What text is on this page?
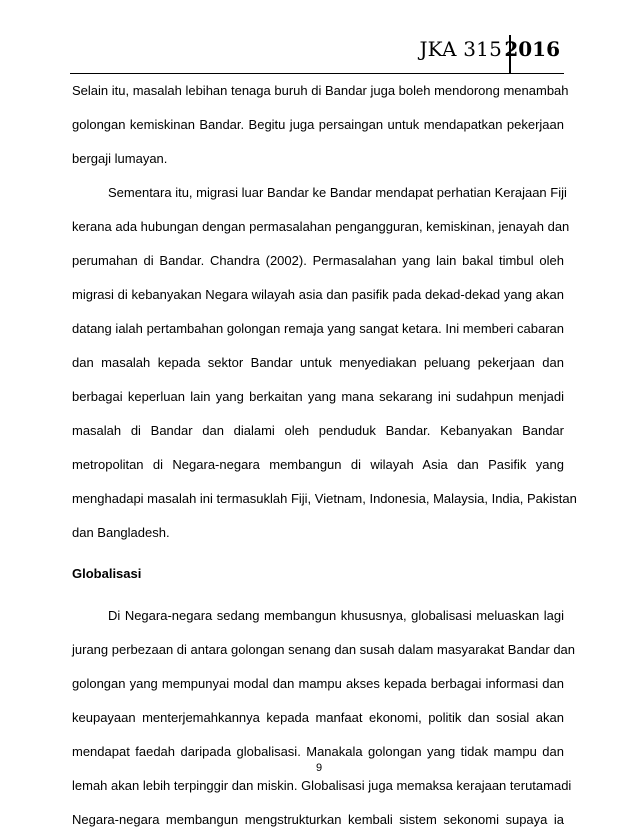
JKA 315 2016
Selain itu, masalah lebihan tenaga buruh di Bandar juga boleh mendorong menambah
golongan kemiskinan Bandar. Begitu juga persaingan untuk mendapatkan pekerjaan
bergaji lumayan.
Sementara itu, migrasi luar Bandar ke Bandar mendapat perhatian Kerajaan Fiji
kerana ada hubungan dengan permasalahan pengangguran, kemiskinan, jenayah dan
perumahan di Bandar. Chandra (2002). Permasalahan yang lain bakal timbul oleh
migrasi di kebanyakan Negara wilayah asia dan pasifik pada dekad-dekad yang akan
datang ialah pertambahan golongan remaja yang sangat ketara. Ini memberi cabaran
dan masalah kepada sektor Bandar untuk menyediakan peluang pekerjaan dan
berbagai keperluan lain yang berkaitan yang mana sekarang ini sudahpun menjadi
masalah di Bandar dan dialami oleh penduduk Bandar. Kebanyakan Bandar
metropolitan di Negara-negara membangun di wilayah Asia dan Pasifik yang
menghadapi masalah ini termasuklah Fiji, Vietnam, Indonesia, Malaysia, India, Pakistan
dan Bangladesh.
Globalisasi
Di Negara-negara sedang membangun khususnya, globalisasi meluaskan lagi
jurang perbezaan di antara golongan senang dan susah dalam masyarakat Bandar dan
golongan yang mempunyai modal dan mampu akses kepada berbagai informasi dan
keupayaan menterjemahkannya kepada manfaat ekonomi, politik dan sosial akan
mendapat faedah daripada globalisasi. Manakala golongan yang tidak mampu dan
lemah akan lebih terpinggir dan miskin. Globalisasi juga memaksa kerajaan terutamadi
Negara-negara membangun mengstrukturkan kembali sistem sekonomi supaya ia
9
